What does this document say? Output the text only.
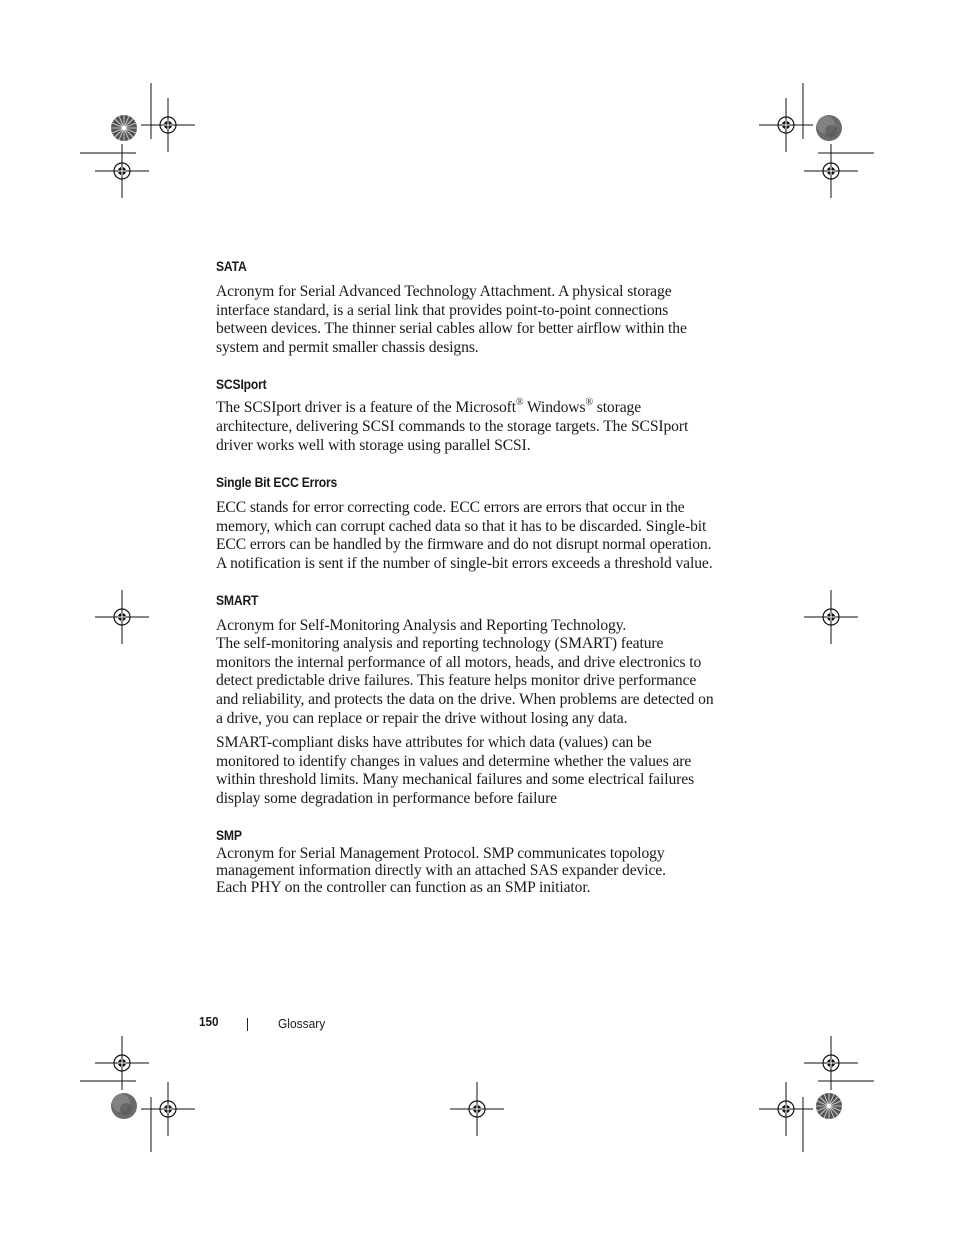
SATA

Acronym for Serial Advanced Technology Attachment. A physical storage interface standard, is a serial link that provides point-to-point connections between devices. The thinner serial cables allow for better airflow within the system and permit smaller chassis designs.

SCSIport

The SCSIport driver is a feature of the Microsoft® Windows® storage architecture, delivering SCSI commands to the storage targets. The SCSIport driver works well with storage using parallel SCSI.

Single Bit ECC Errors

ECC stands for error correcting code. ECC errors are errors that occur in the memory, which can corrupt cached data so that it has to be discarded. Single-bit ECC errors can be handled by the firmware and do not disrupt normal operation. A notification is sent if the number of single-bit errors exceeds a threshold value.

SMART

Acronym for Self-Monitoring Analysis and Reporting Technology.

The self-monitoring analysis and reporting technology (SMART) feature monitors the internal performance of all motors, heads, and drive electronics to detect predictable drive failures. This feature helps monitor drive performance and reliability, and protects the data on the drive. When problems are detected on a drive, you can replace or repair the drive without losing any data.

SMART-compliant disks have attributes for which data (values) can be monitored to identify changes in values and determine whether the values are within threshold limits. Many mechanical failures and some electrical failures display some degradation in performance before failure

SMP

Acronym for Serial Management Protocol. SMP communicates topology management information directly with an attached SAS expander device.

Each PHY on the controller can function as an SMP initiator.

150	Glossary
